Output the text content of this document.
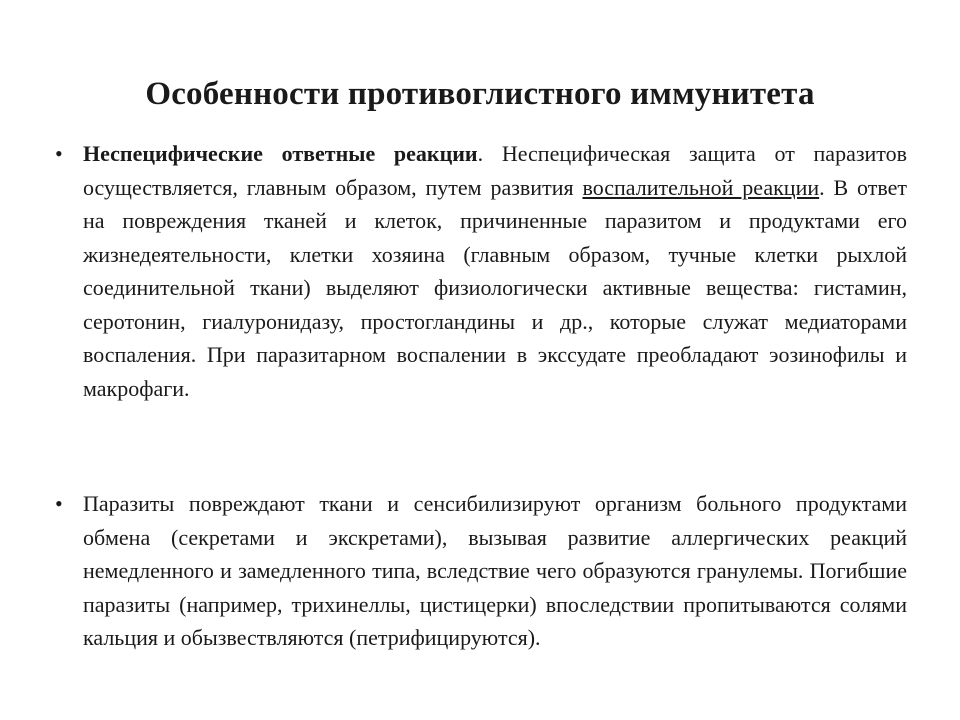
Особенности противоглистного иммунитета
• Неспецифические ответные реакции. Неспецифическая защита от паразитов осуществляется, главным образом, путем развития воспалительной реакции. В ответ на повреждения тканей и клеток, причиненные паразитом и продуктами его жизнедеятельности, клетки хозяина (главным образом, тучные клетки рыхлой соединительной ткани) выделяют физиологически активные вещества: гистамин, серотонин, гиалуронидазу, простогландины и др., которые служат медиаторами воспаления. При паразитарном воспалении в экссудате преобладают эозинофилы и макрофаги.
• Паразиты повреждают ткани и сенсибилизируют организм больного продуктами обмена (секретами и экскретами), вызывая развитие аллергических реакций немедленного и замедленного типа, вследствие чего образуются гранулемы. Погибшие паразиты (например, трихинеллы, цистицерки) впоследствии пропитываются солями кальция и обызвествляются (петрифицируются).
